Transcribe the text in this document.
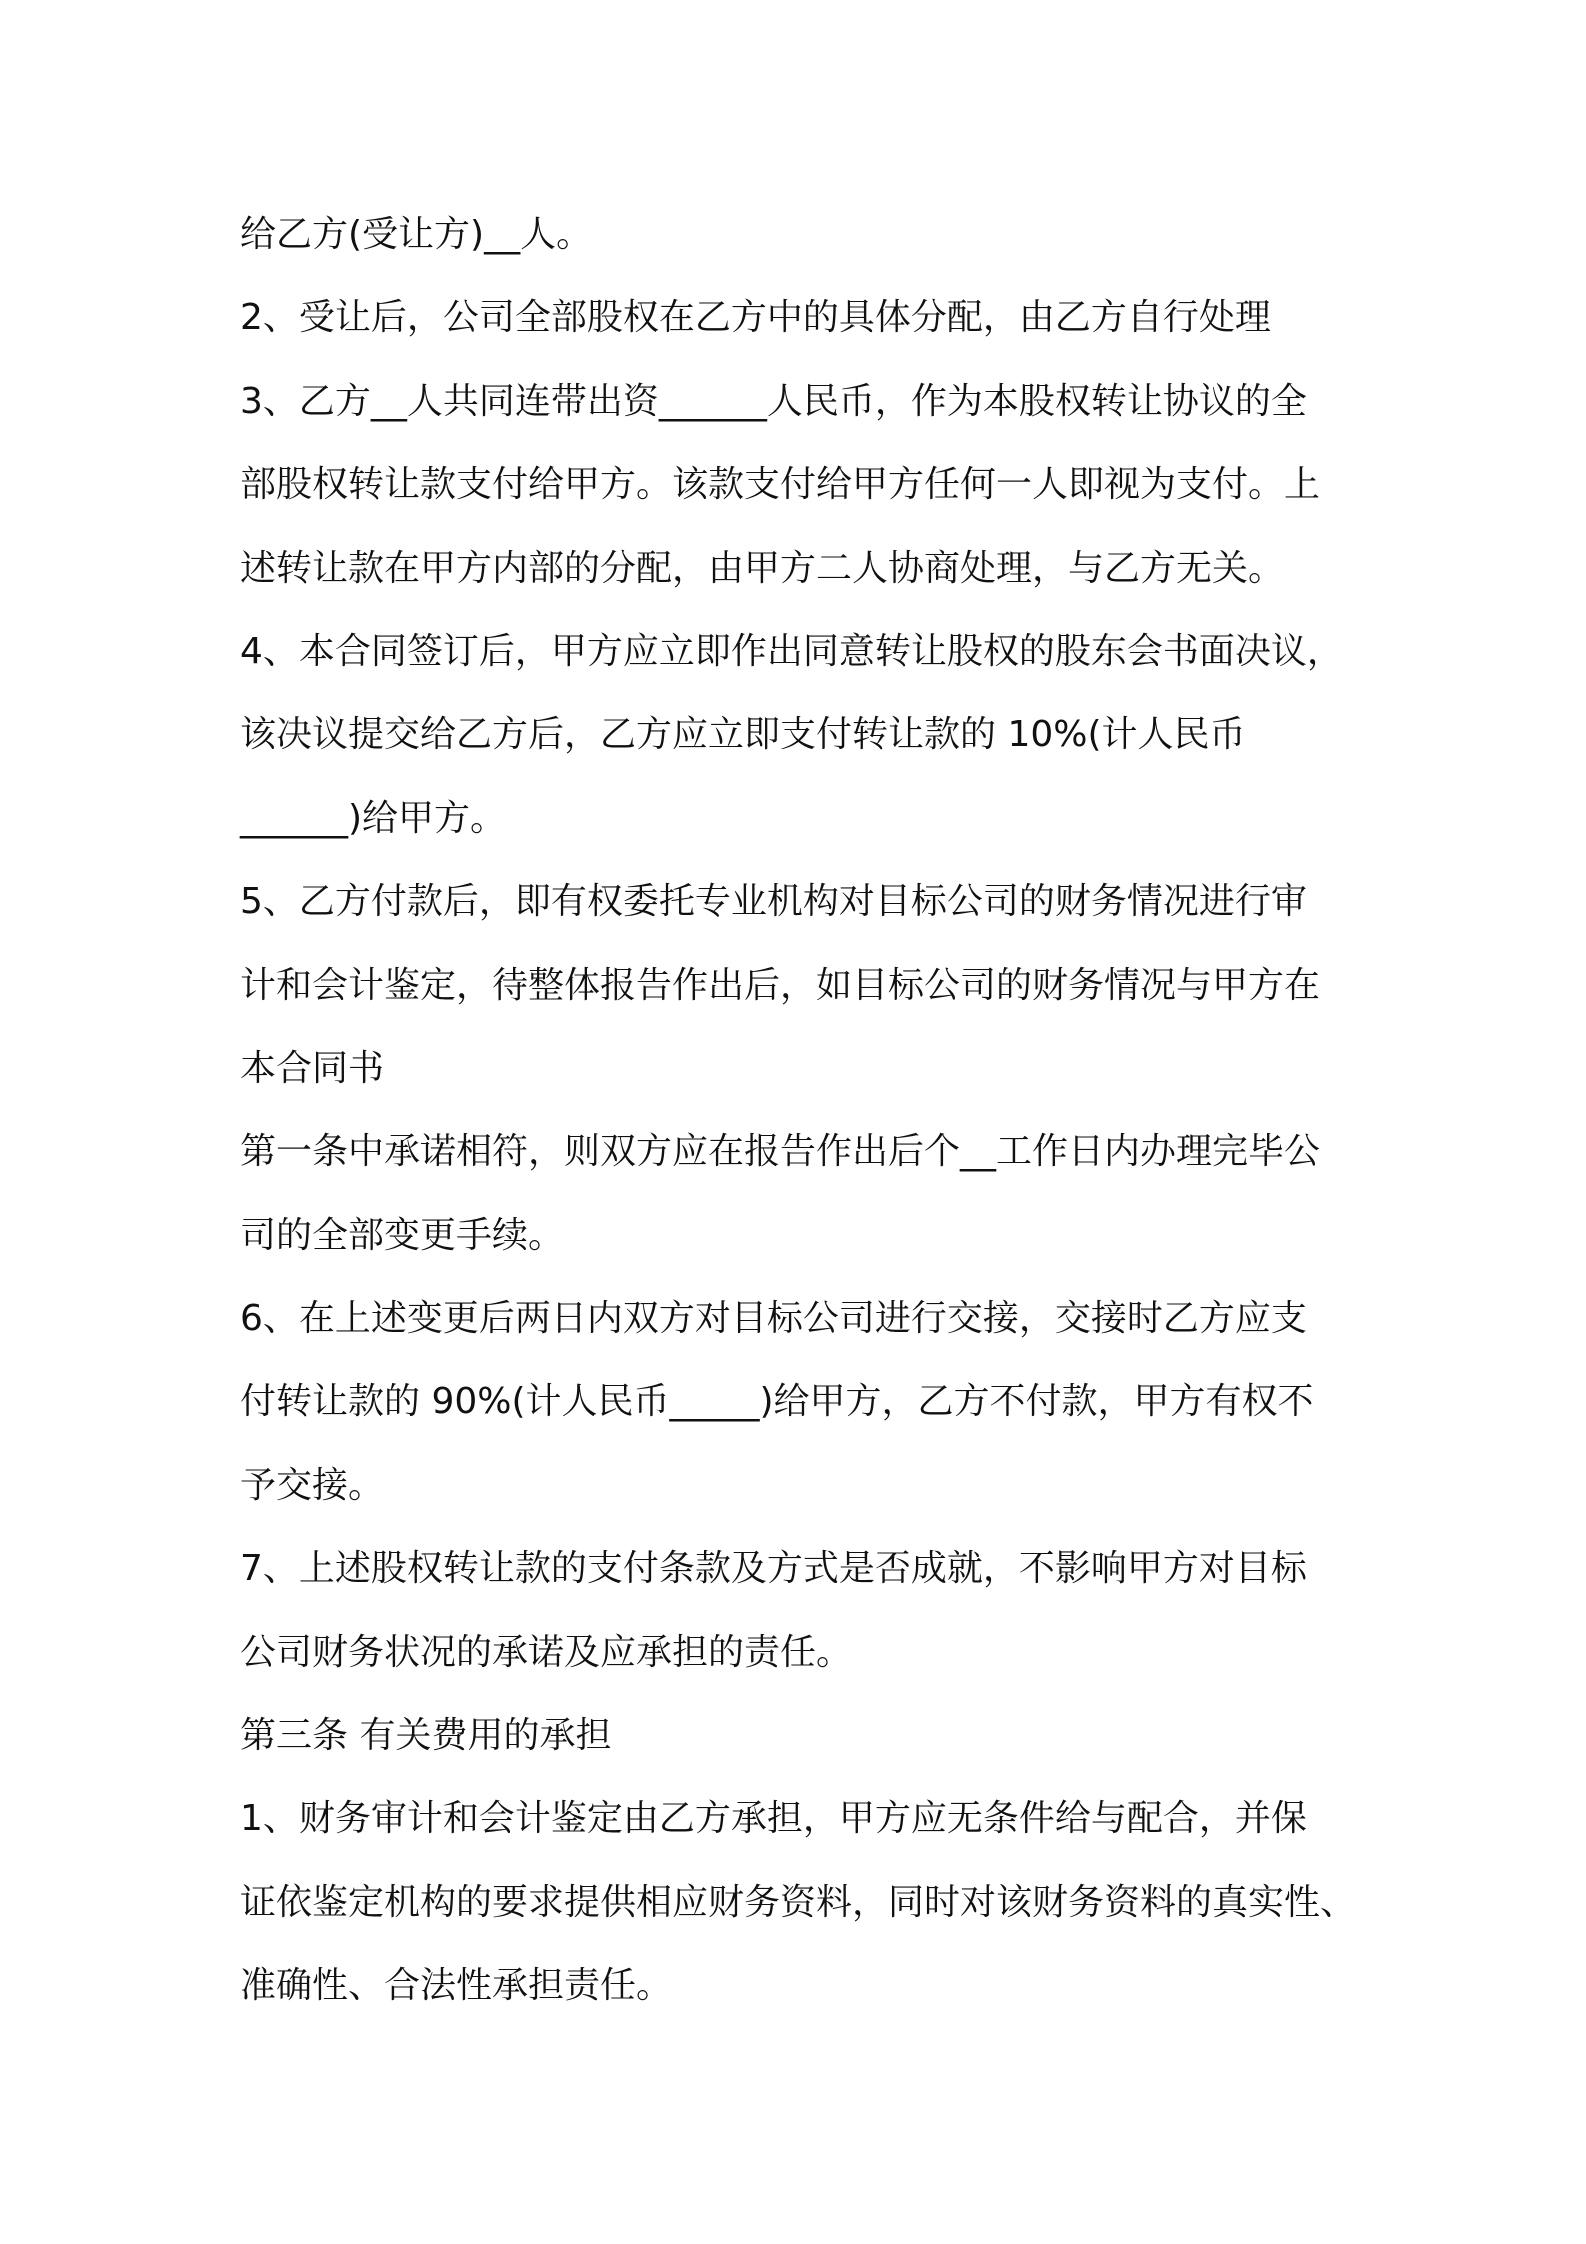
给乙方(受让方)__人。
2、受让后，公司全部股权在乙方中的具体分配，由乙方自行处理
3、乙方__人共同连带出资______人民币，作为本股权转让协议的全
部股权转让款支付给甲方。该款支付给甲方任何一人即视为支付。上
述转让款在甲方内部的分配，由甲方二人协商处理，与乙方无关。
4、本合同签订后，甲方应立即作出同意转让股权的股东会书面决议，
该决议提交给乙方后，乙方应立即支付转让款的 10%(计人民币
______)给甲方。
5、乙方付款后，即有权委托专业机构对目标公司的财务情况进行审
计和会计鉴定，待整体报告作出后，如目标公司的财务情况与甲方在
本合同书
第一条中承诺相符，则双方应在报告作出后个__工作日内办理完毕公
司的全部变更手续。
6、在上述变更后两日内双方对目标公司进行交接，交接时乙方应支
付转让款的 90%(计人民币_____)给甲方，乙方不付款，甲方有权不
予交接。
7、上述股权转让款的支付条款及方式是否成就，不影响甲方对目标
公司财务状况的承诺及应承担的责任。
第三条 有关费用的承担
1、财务审计和会计鉴定由乙方承担，甲方应无条件给与配合，并保
证依鉴定机构的要求提供相应财务资料，同时对该财务资料的真实性、
准确性、合法性承担责任。
